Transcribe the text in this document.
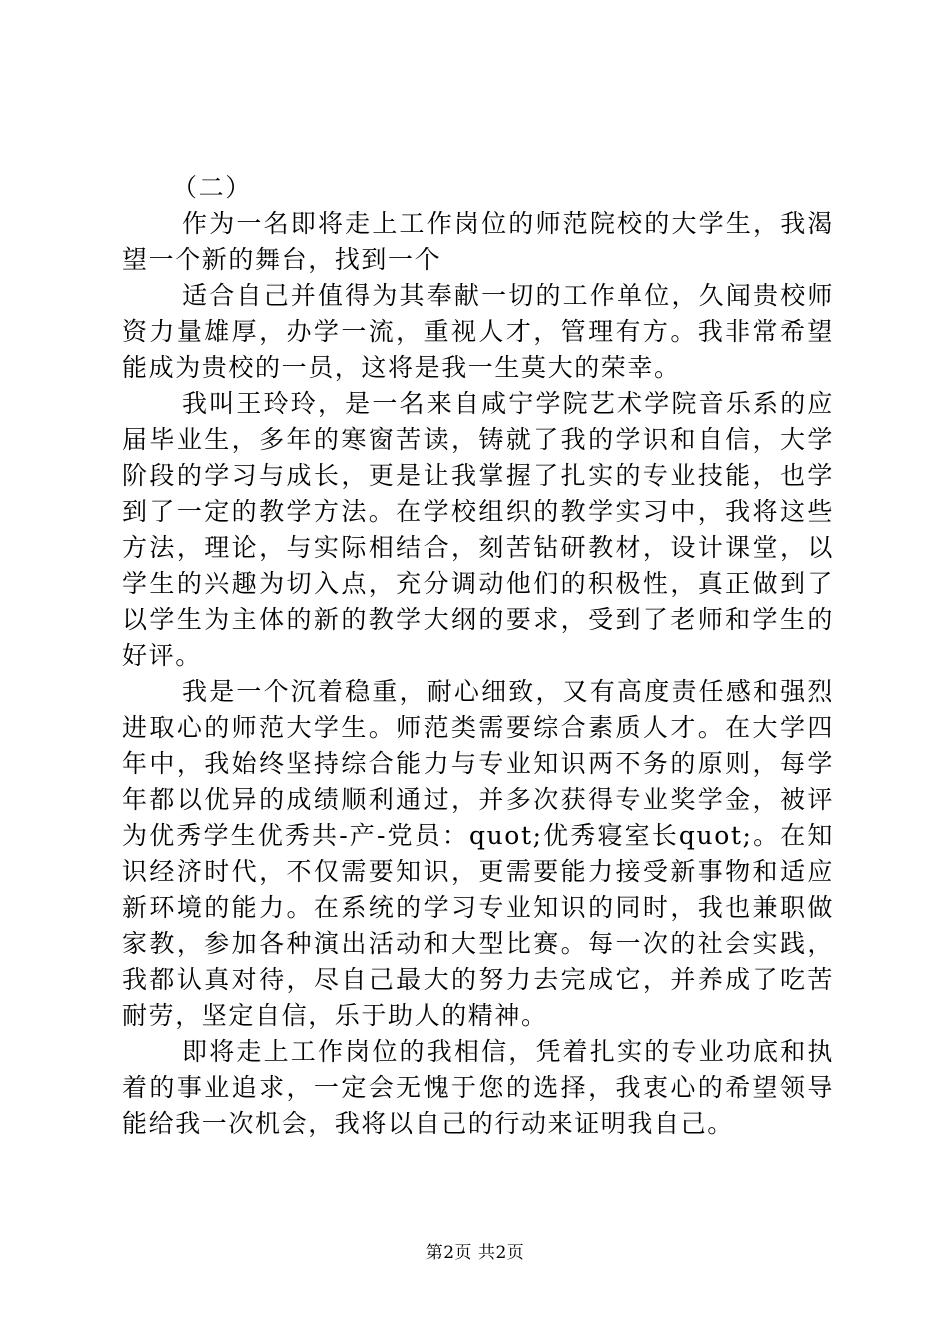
（二）

作为一名即将走上工作岗位的师范院校的大学生，我渴望一个新的舞台，找到一个

适合自己并值得为其奉献一切的工作单位，久闻贵校师资力量雄厚，办学一流，重视人才，管理有方。我非常希望能成为贵校的一员，这将是我一生莫大的荣幸。

我叫王玲玲，是一名来自咸宁学院艺术学院音乐系的应届毕业生，多年的寒窗苦读，铸就了我的学识和自信，大学阶段的学习与成长，更是让我掌握了扎实的专业技能，也学到了一定的教学方法。在学校组织的教学实习中，我将这些方法，理论，与实际相结合，刻苦钻研教材，设计课堂，以学生的兴趣为切入点，充分调动他们的积极性，真正做到了以学生为主体的新的教学大纲的要求，受到了老师和学生的好评。

我是一个沉着稳重，耐心细致，又有高度责任感和强烈进取心的师范大学生。师范类需要综合素质人才。在大学四年中，我始终坚持综合能力与专业知识两不务的原则，每学年都以优异的成绩顺利通过，并多次获得专业奖学金，被评为优秀学生优秀共-产-党员：quot;优秀寝室长quot;。在知识经济时代，不仅需要知识，更需要能力接受新事物和适应新环境的能力。在系统的学习专业知识的同时，我也兼职做家教，参加各种演出活动和大型比赛。每一次的社会实践，我都认真对待，尽自己最大的努力去完成它，并养成了吃苦耐劳，坚定自信，乐于助人的精神。

即将走上工作岗位的我相信，凭着扎实的专业功底和执着的事业追求，一定会无愧于您的选择，我衷心的希望领导能给我一次机会，我将以自己的行动来证明我自己。

第2页 共2页
